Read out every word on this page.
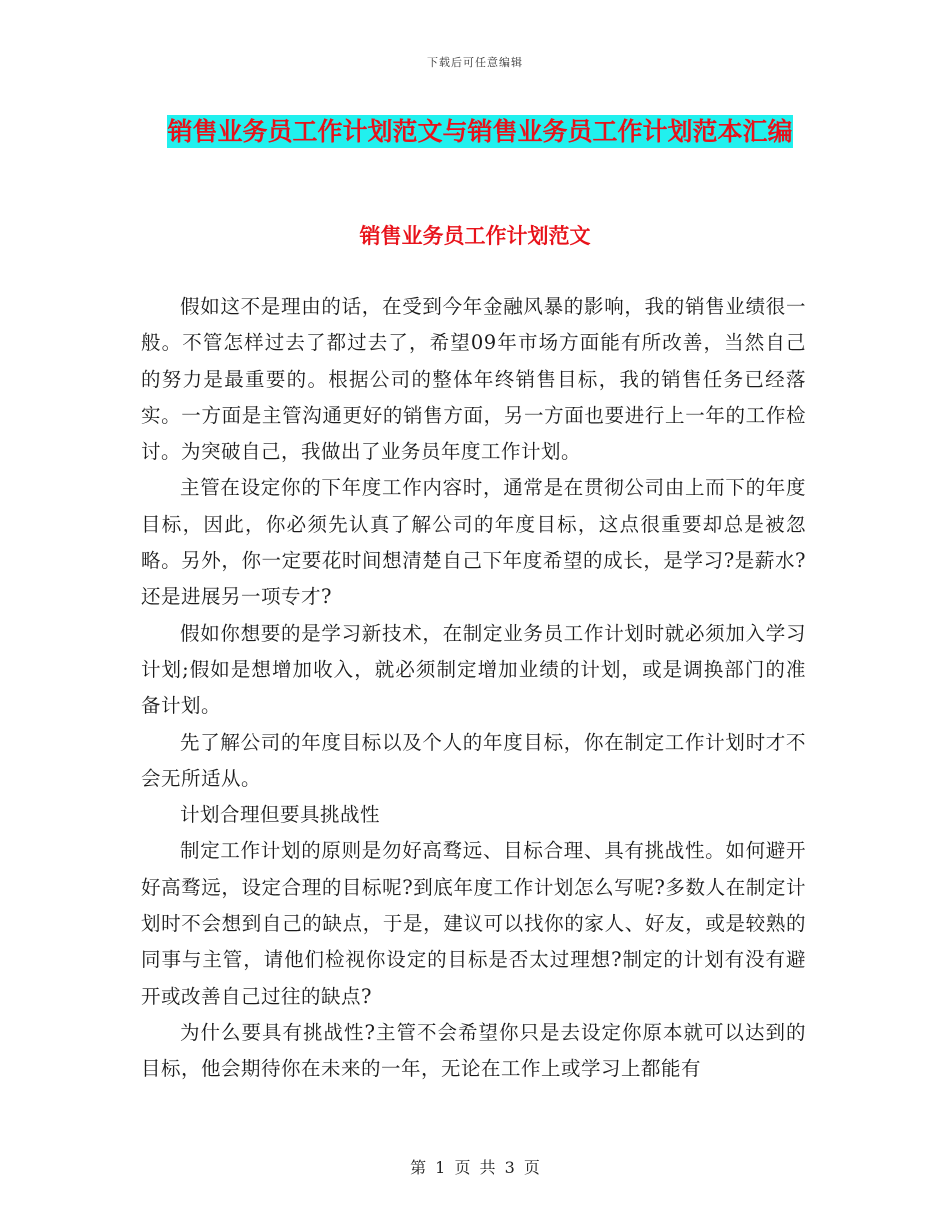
下载后可任意编辑
销售业务员工作计划范文与销售业务员工作计划范本汇编
销售业务员工作计划范文

假如这不是理由的话，在受到今年金融风暴的影响，我的销售业绩很一般。不管怎样过去了都过去了，希望09年市场方面能有所改善，当然自己的努力是最重要的。根据公司的整体年终销售目标，我的销售任务已经落实。一方面是主管沟通更好的销售方面，另一方面也要进行上一年的工作检讨。为突破自己，我做出了业务员年度工作计划。

主管在设定你的下年度工作内容时，通常是在贯彻公司由上而下的年度目标，因此，你必须先认真了解公司的年度目标，这点很重要却总是被忽略。另外，你一定要花时间想清楚自己下年度希望的成长，是学习?是薪水?还是进展另一项专才?

假如你想要的是学习新技术，在制定业务员工作计划时就必须加入学习计划;假如是想增加收入，就必须制定增加业绩的计划，或是调换部门的准备计划。

先了解公司的年度目标以及个人的年度目标，你在制定工作计划时才不会无所适从。

计划合理但要具挑战性

制定工作计划的原则是勿好高骛远、目标合理、具有挑战性。如何避开好高骛远，设定合理的目标呢?到底年度工作计划怎么写呢?多数人在制定计划时不会想到自己的缺点，于是，建议可以找你的家人、好友，或是较熟的同事与主管，请他们检视你设定的目标是否太过理想?制定的计划有没有避开或改善自己过往的缺点?

为什么要具有挑战性?主管不会希望你只是去设定你原本就可以达到的目标，他会期待你在未来的一年，无论在工作上或学习上都能有

第 1 页 共 3 页
